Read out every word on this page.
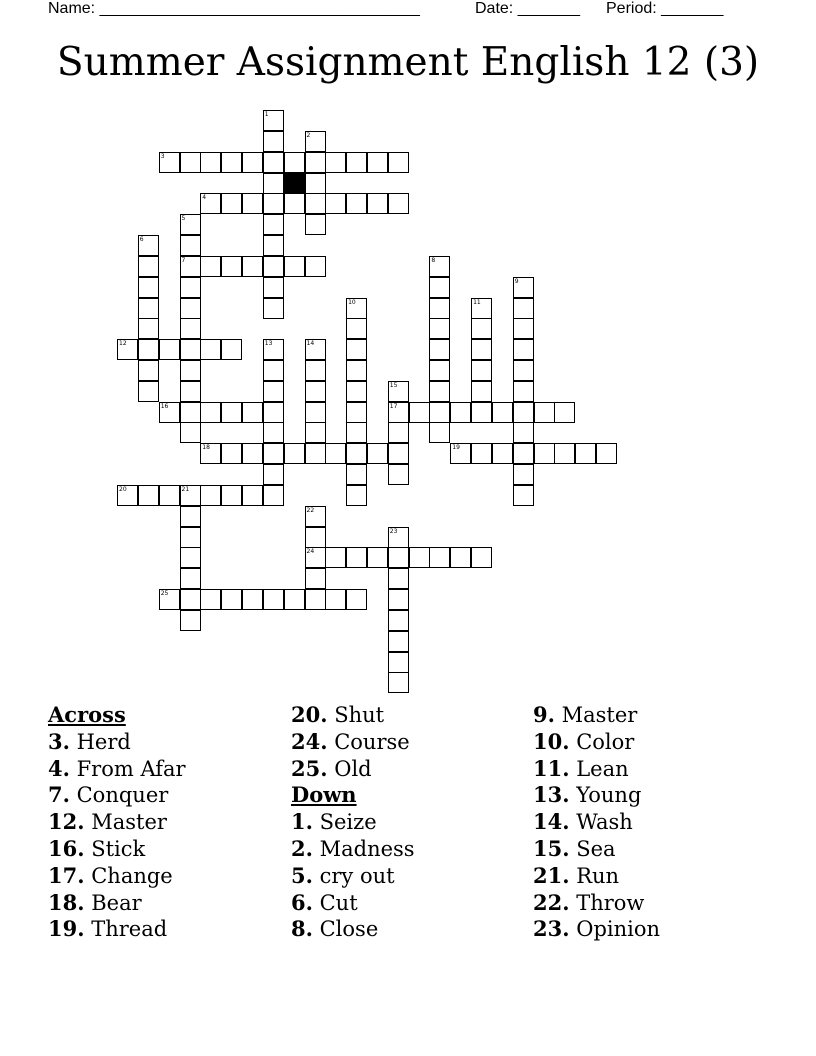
Name: ____________________________________	Date: _______ Period: _______
Summer Assignment English 12 (3)
1
2
3
4
5
7
6
8
9
10	11
12	13	14
15
17
16
18	19
20	21
22
24
23
25
Across
3. Herd
4. From Afar
7. Conquer
12. Master
16. Stick
17. Change
18. Bear
19. Thread
20. Shut
24. Course
25. Old
Down
1. Seize
2. Madness
5. cry out
6. Cut
8. Close
9. Master
10. Color
11. Lean
13. Young
14. Wash
15. Sea
21. Run
22. Throw
23. Opinion
